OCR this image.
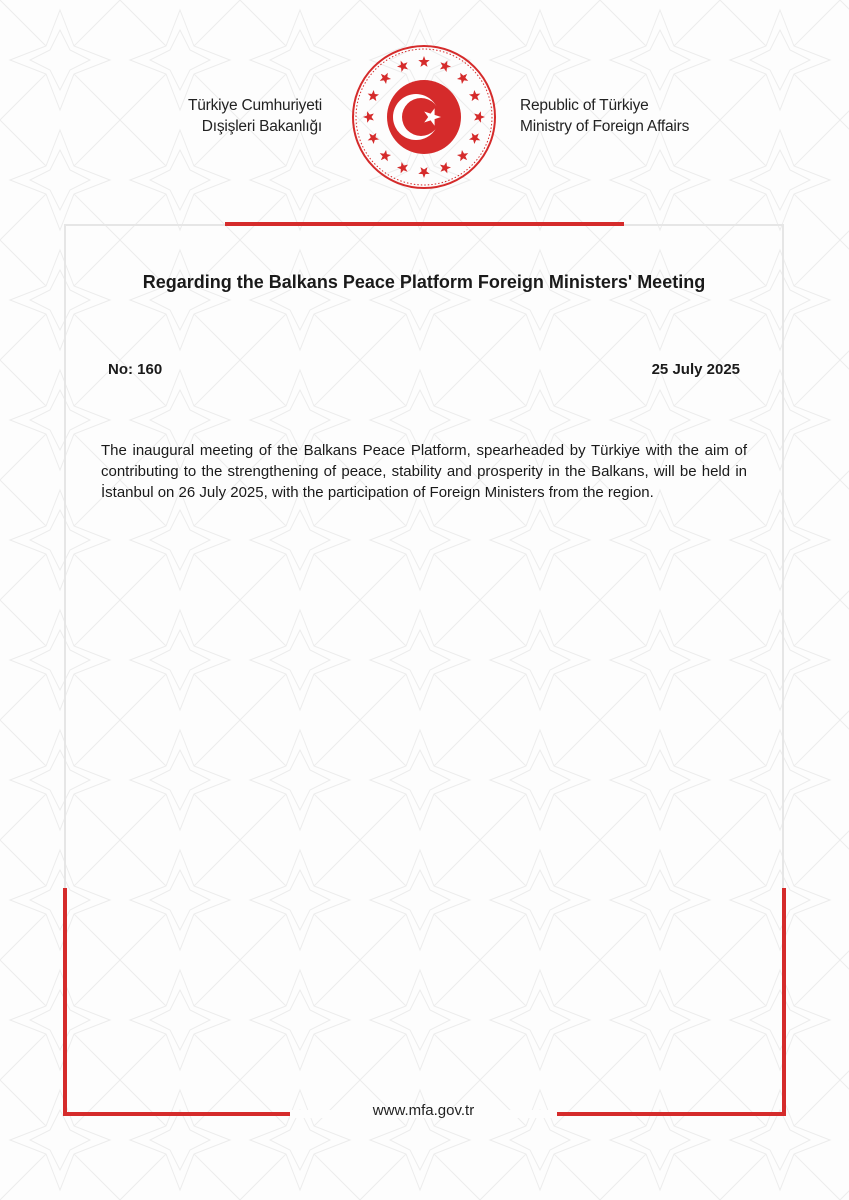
Türkiye Cumhuriyeti
Dışişleri Bakanlığı
Republic of Türkiye
Ministry of Foreign Affairs
Regarding the Balkans Peace Platform Foreign Ministers' Meeting
No: 160	25 July 2025
The inaugural meeting of the Balkans Peace Platform, spearheaded by Türkiye with the aim of contributing to the strengthening of peace, stability and prosperity in the Balkans, will be held in İstanbul on 26 July 2025, with the participation of Foreign Ministers from the region.
www.mfa.gov.tr
